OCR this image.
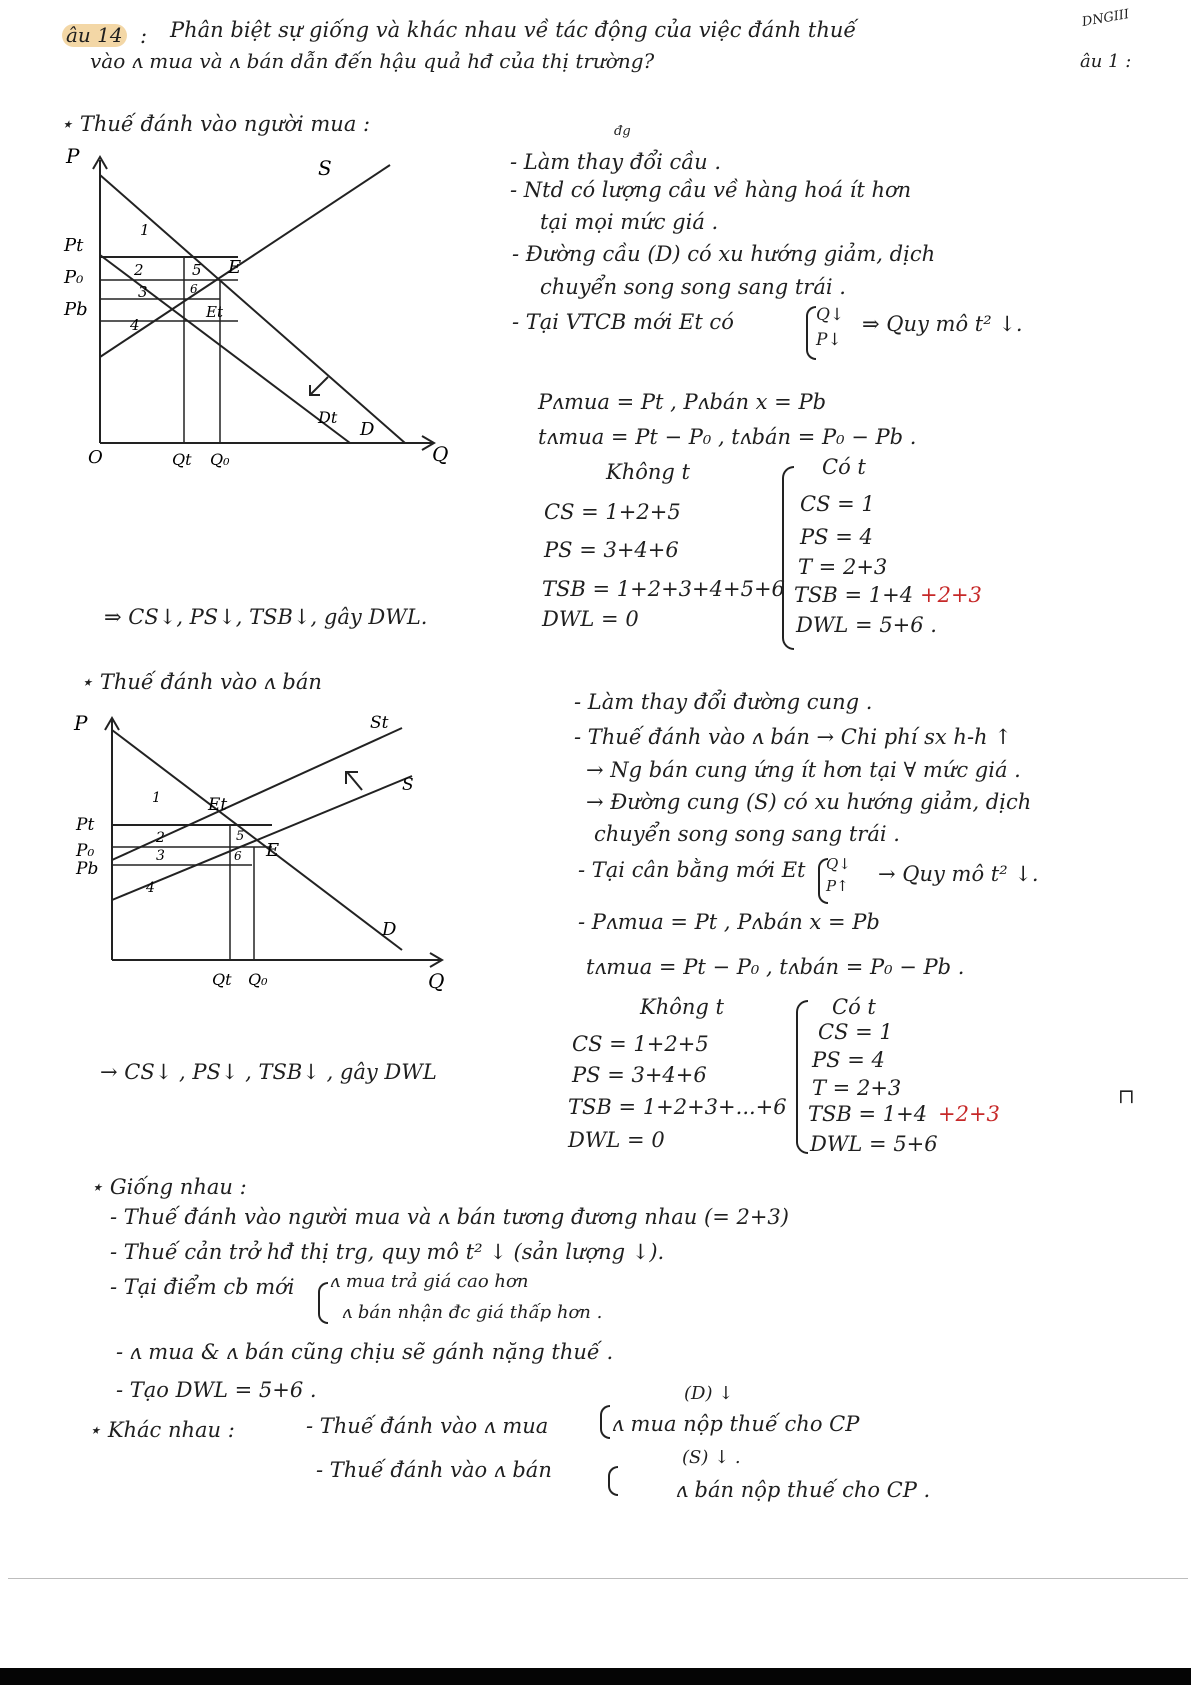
âu 14 : Phân biệt sự giống và khác nhau về tác động của việc đánh thuế
vào ʌ mua và ʌ bán dẫn đến hậu quả hđ của thị trường?
DNGIII
âu 1 :
⋆ Thuế đánh vào người mua :
P
Q
O
S
D
Dt
Pt
P₀
Pb
Qt Q₀
E
Et
1
2
3
4
5
6
- Làm thay đổi cầu .
đg
- Ntd có lượng cầu về hàng hoá ít hơn
tại mọi mức giá .
- Đường cầu (D) có xu hướng giảm, dịch
chuyển song song sang trái .
- Tại VTCB mới Et có	Q↓
P↓
⇒ Quy mô t² ↓.
Pʌmua = Pt , Pʌbán x = Pb
tʌmua = Pt − P₀ , tʌbán = P₀ − Pb .
Không t
CS = 1+2+5
PS = 3+4+6
TSB = 1+2+3+4+5+6
DWL = 0
Có t
CS = 1
PS = 4
T = 2+3
TSB = 1+4 +2+3
DWL = 5+6 .
⇒ CS↓, PS↓, TSB↓, gây DWL.
⋆ Thuế đánh vào ʌ bán
P
Q
St
S
D
Pt
P₀
Pb
Qt Q₀
Et
E
1
2
3
4
5
6
- Làm thay đổi đường cung .
- Thuế đánh vào ʌ bán → Chi phí sx h-h ↑
→ Ng bán cung ứng ít hơn tại ∀ mức giá .
→ Đường cung (S) có xu hướng giảm, dịch
chuyển song song sang trái .
- Tại cân bằng mới Et Q↓
P↑ → Quy mô t² ↓.
- Pʌmua = Pt , Pʌbán x = Pb
tʌmua = Pt − P₀ , tʌbán = P₀ − Pb .
Không t
CS = 1+2+5
PS = 3+4+6
TSB = 1+2+3+...+6
DWL = 0
Có t
CS = 1
PS = 4
T = 2+3
TSB = 1+4 +2+3
DWL = 5+6
⊓
→ CS↓ , PS↓ , TSB↓ , gây DWL
⋆ Giống nhau :
- Thuế đánh vào người mua và ʌ bán tương đương nhau (= 2+3)
- Thuế cản trở hđ thị trg, quy mô t² ↓ (sản lượng ↓).
- Tại điểm cb mới ʌ mua trả giá cao hơn
ʌ bán nhận đc giá thấp hơn .
- ʌ mua & ʌ bán cũng chịu sẽ gánh nặng thuế .
- Tạo DWL = 5+6 .
⋆ Khác nhau :	- Thuế đánh vào ʌ mua
(D) ↓
ʌ mua nộp thuế cho CP
- Thuế đánh vào ʌ bán
(S) ↓ .
ʌ bán nộp thuế cho CP .
